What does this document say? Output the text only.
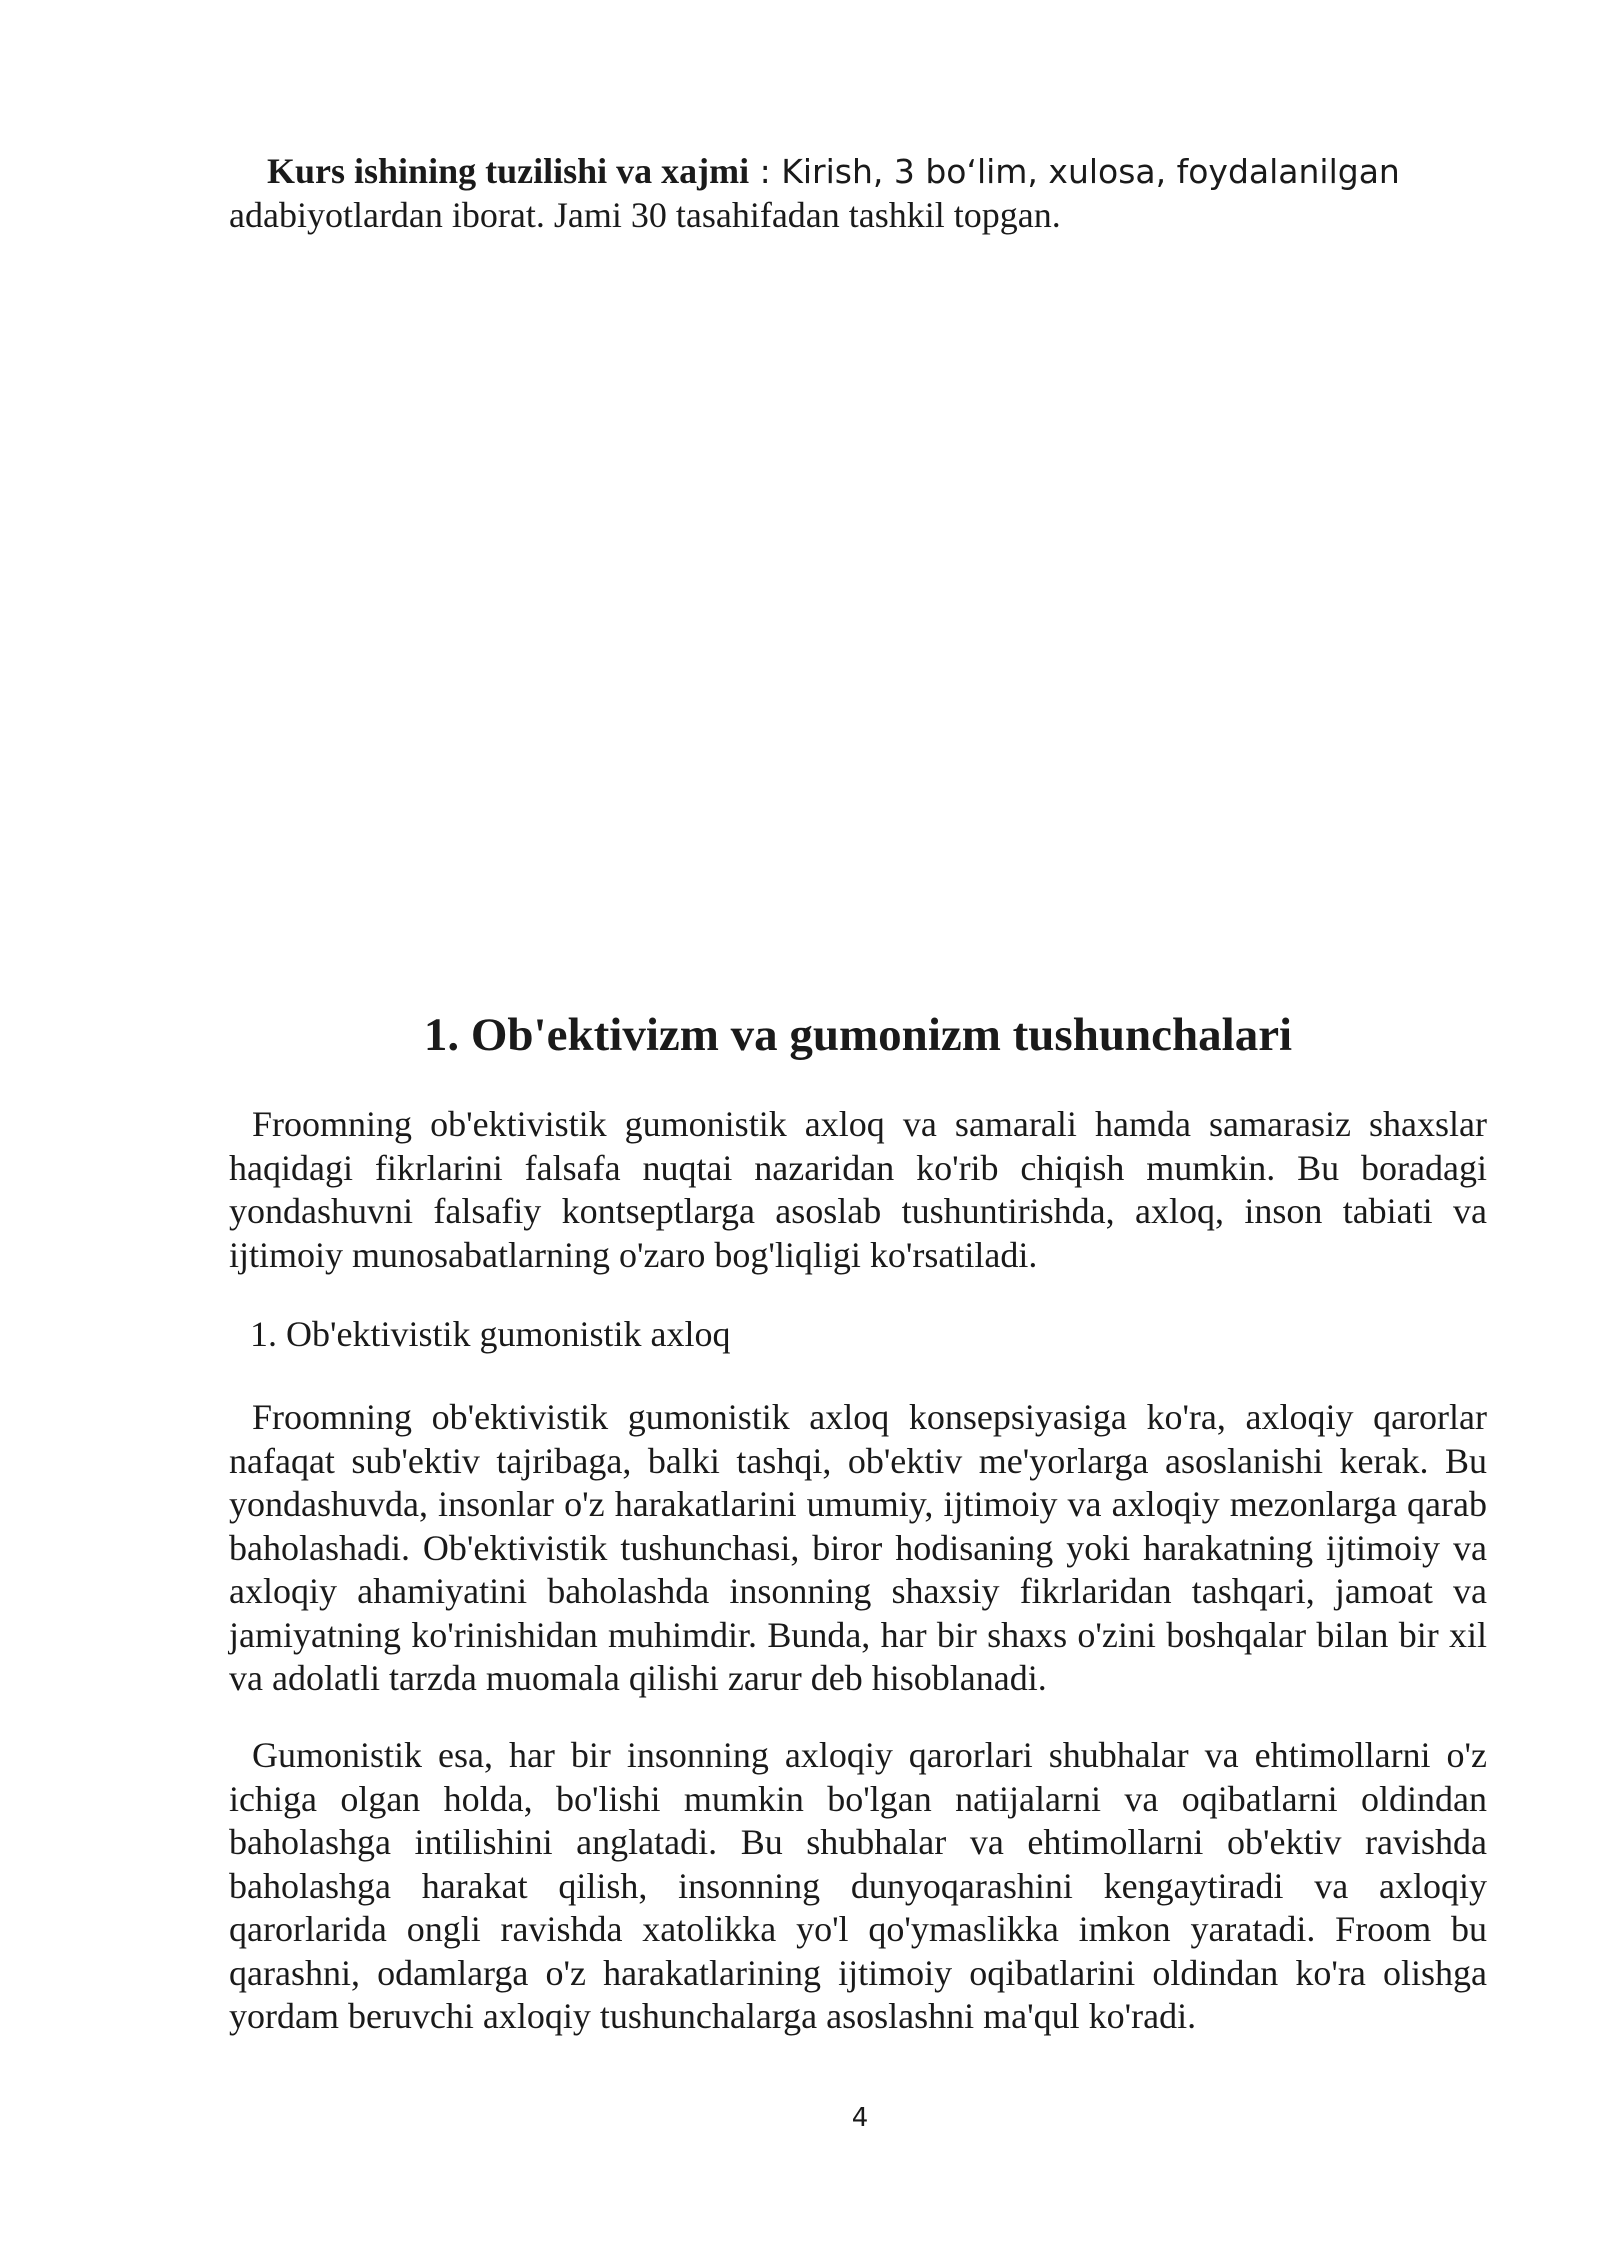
Kurs ishining tuzilishi va xajmi : Kirish, 3 bo‘lim, xulosa, foydalanilgan
adabiyotlardan iborat. Jami 30 tasahifadan tashkil topgan.

1. Ob'ektivizm va gumonizm tushunchalari

Froomning ob'ektivistik gumonistik axloq va samarali hamda samarasiz shaxslar haqidagi fikrlarini falsafa nuqtai nazaridan ko'rib chiqish mumkin. Bu boradagi yondashuvni falsafiy kontseptlarga asoslab tushuntirishda, axloq, inson tabiati va ijtimoiy munosabatlarning o'zaro bog'liqligi ko'rsatiladi.

1. Ob'ektivistik gumonistik axloq

Froomning ob'ektivistik gumonistik axloq konsepsiyasiga ko'ra, axloqiy qarorlar nafaqat sub'ektiv tajribaga, balki tashqi, ob'ektiv me'yorlarga asoslanishi kerak. Bu yondashuvda, insonlar o'z harakatlarini umumiy, ijtimoiy va axloqiy mezonlarga qarab baholashadi. Ob'ektivistik tushunchasi, biror hodisaning yoki harakatning ijtimoiy va axloqiy ahamiyatini baholashda insonning shaxsiy fikrlaridan tashqari, jamoat va jamiyatning ko'rinishidan muhimdir. Bunda, har bir shaxs o'zini boshqalar bilan bir xil va adolatli tarzda muomala qilishi zarur deb hisoblanadi.

Gumonistik esa, har bir insonning axloqiy qarorlari shubhalar va ehtimollarni o'z ichiga olgan holda, bo'lishi mumkin bo'lgan natijalarni va oqibatlarni oldindan baholashga intilishini anglatadi. Bu shubhalar va ehtimollarni ob'ektiv ravishda baholashga harakat qilish, insonning dunyoqarashini kengaytiradi va axloqiy qarorlarida ongli ravishda xatolikka yo'l qo'ymaslikka imkon yaratadi. Froom bu qarashni, odamlarga o'z harakatlarining ijtimoiy oqibatlarini oldindan ko'ra olishga yordam beruvchi axloqiy tushunchalarga asoslashni ma'qul ko'radi.

4
